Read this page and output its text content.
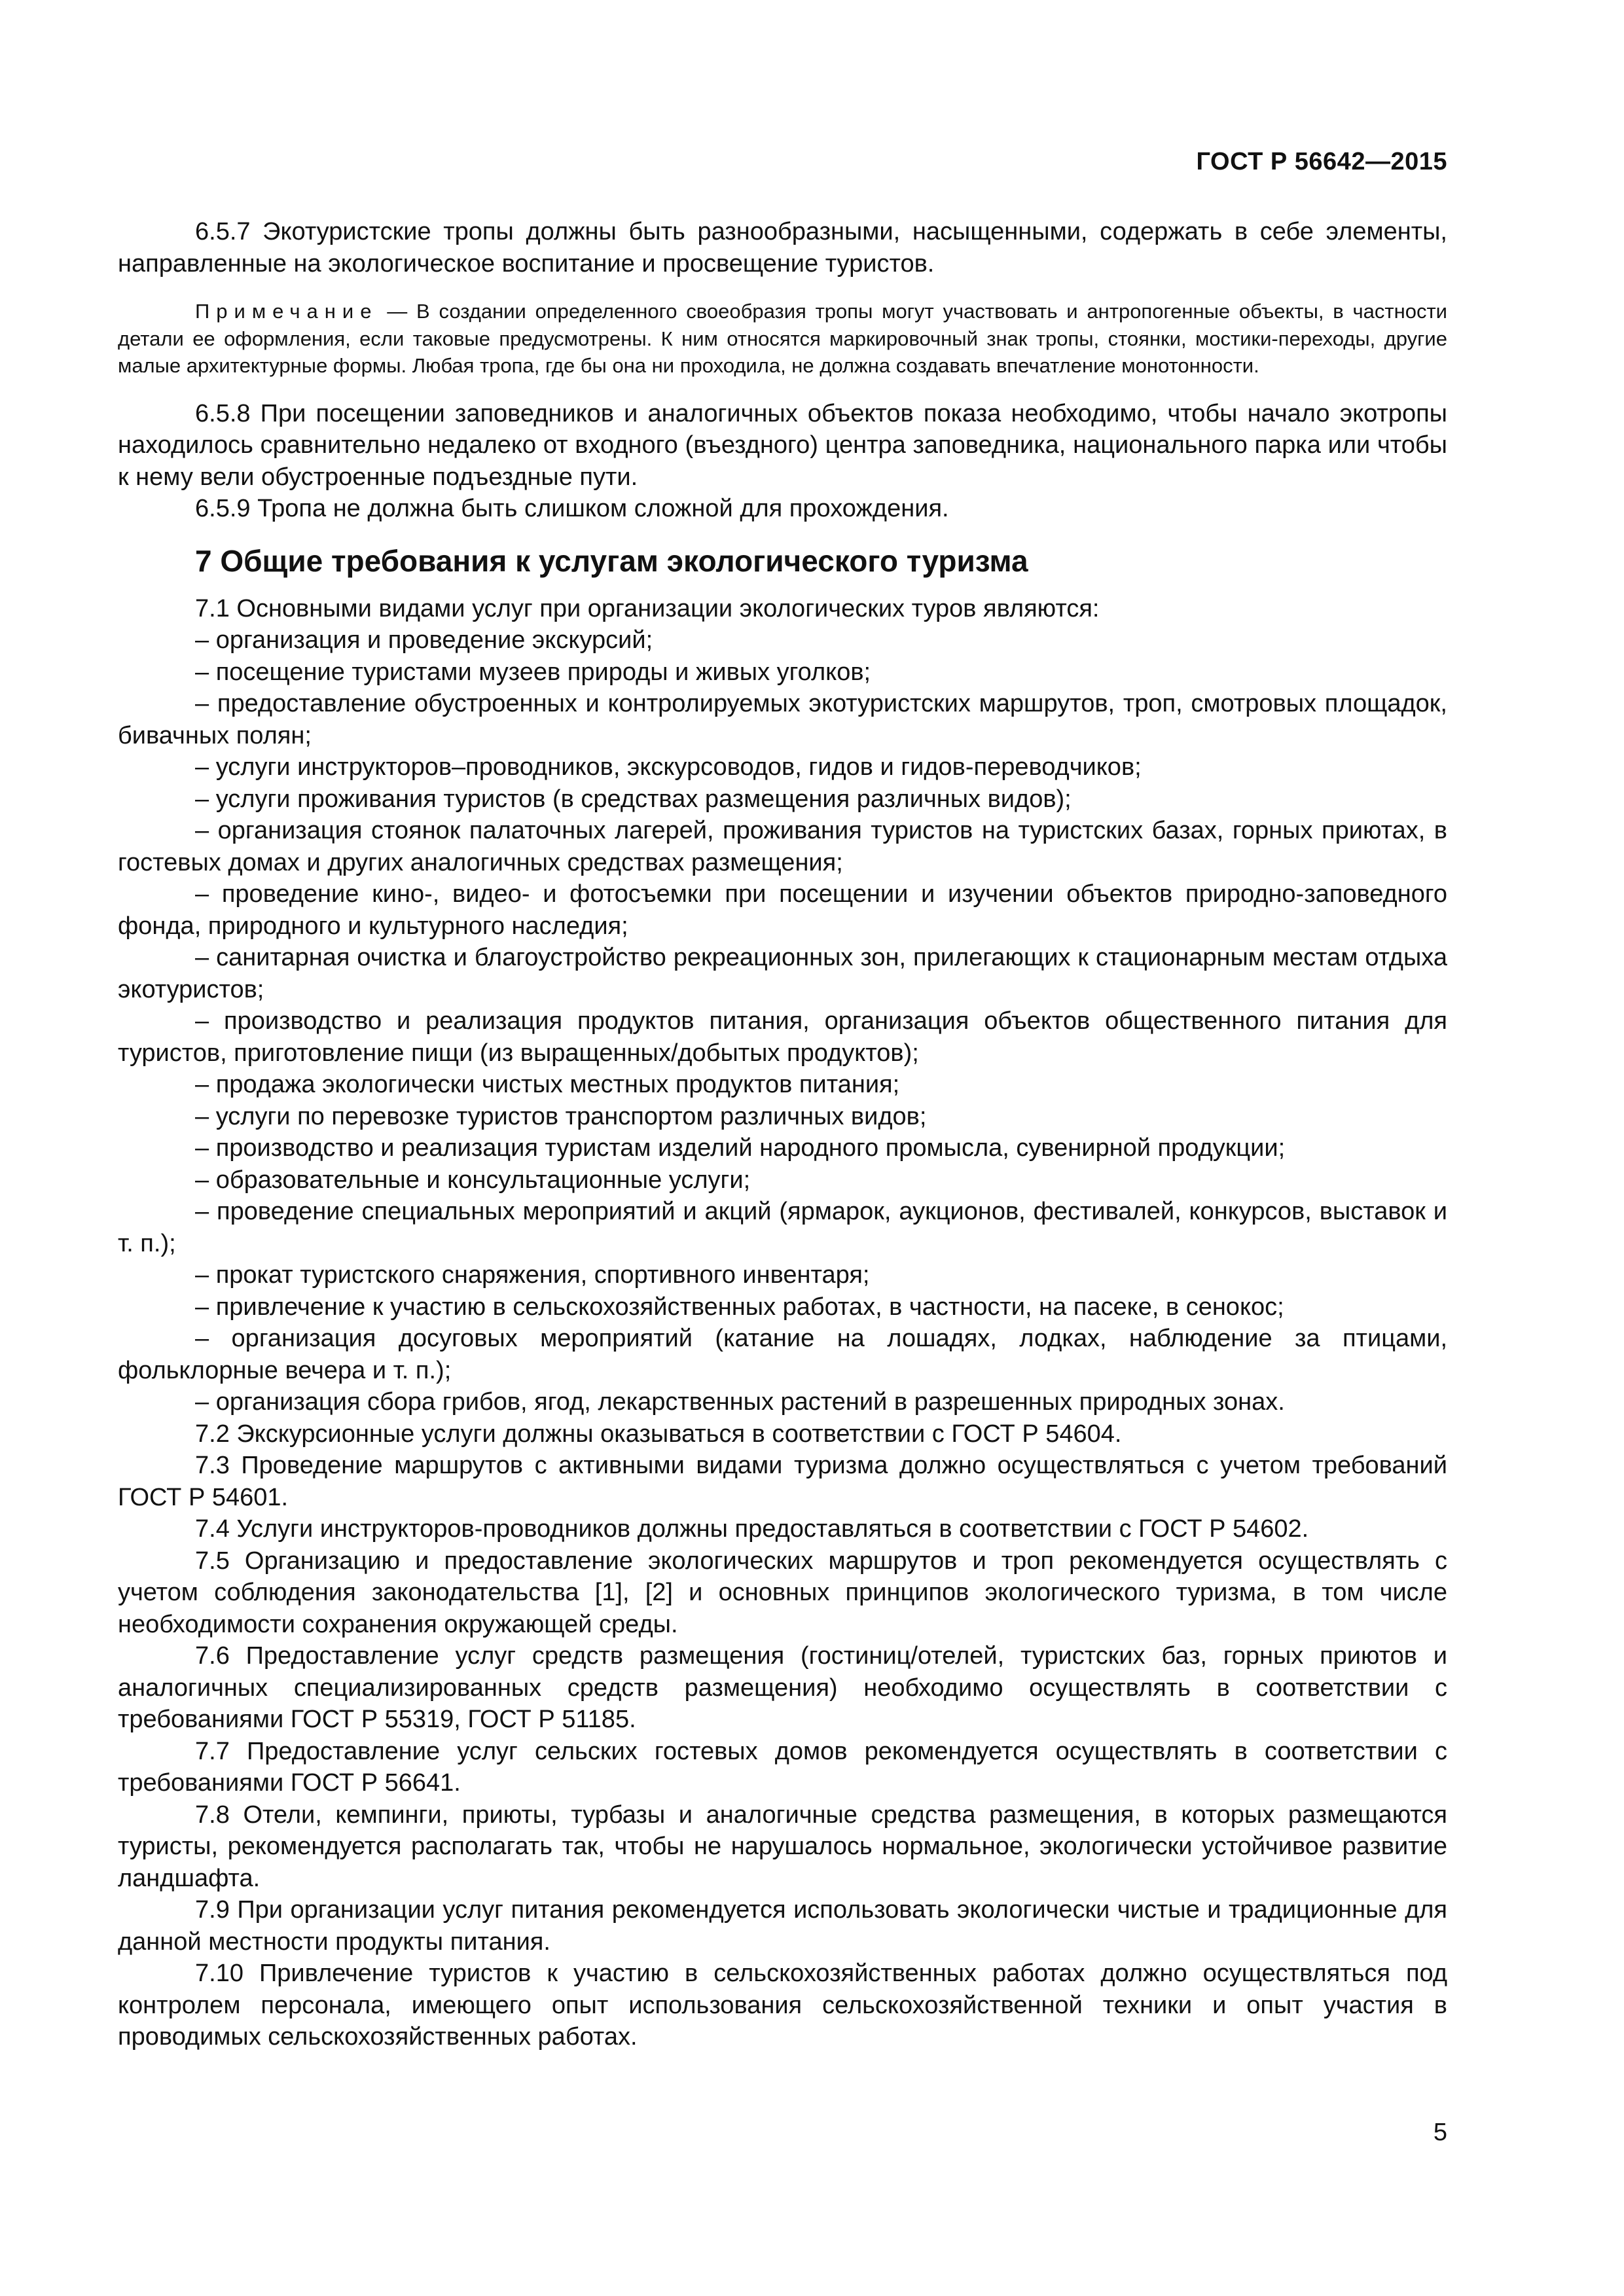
ГОСТ Р 56642—2015

6.5.7 Экотуристские тропы должны быть разнообразными, насыщенными, содержать в себе элементы, направленные на экологическое воспитание и просвещение туристов.

Примечание — В создании определенного своеобразия тропы могут участвовать и антропогенные объекты, в частности детали ее оформления, если таковые предусмотрены. К ним относятся маркировочный знак тропы, стоянки, мостики-переходы, другие малые архитектурные формы. Любая тропа, где бы она ни проходила, не должна создавать впечатление монотонности.

6.5.8 При посещении заповедников и аналогичных объектов показа необходимо, чтобы начало экотропы находилось сравнительно недалеко от входного (въездного) центра заповедника, национального парка или чтобы к нему вели обустроенные подъездные пути.

6.5.9 Тропа не должна быть слишком сложной для прохождения.

7 Общие требования к услугам экологического туризма

7.1 Основными видами услуг при организации экологических туров являются:

– организация и проведение экскурсий;

– посещение туристами музеев природы и живых уголков;

– предоставление обустроенных и контролируемых экотуристских маршрутов, троп, смотровых площадок, бивачных полян;

– услуги инструкторов–проводников, экскурсоводов, гидов и гидов-переводчиков;

– услуги проживания туристов (в средствах размещения различных видов);

– организация стоянок палаточных лагерей, проживания туристов на туристских базах, горных приютах, в гостевых домах и других аналогичных средствах размещения;

– проведение кино-, видео- и фотосъемки при посещении и изучении объектов природно-заповедного фонда, природного и культурного наследия;

– санитарная очистка и благоустройство рекреационных зон, прилегающих к стационарным местам отдыха экотуристов;

– производство и реализация продуктов питания, организация объектов общественного питания для туристов, приготовление пищи (из выращенных/добытых продуктов);

– продажа экологически чистых местных продуктов питания;

– услуги по перевозке туристов транспортом различных видов;

– производство и реализация туристам изделий народного промысла, сувенирной продукции;

– образовательные и консультационные услуги;

– проведение специальных мероприятий и акций (ярмарок, аукционов, фестивалей, конкурсов, выставок и т. п.);

– прокат туристского снаряжения, спортивного инвентаря;

– привлечение к участию в сельскохозяйственных работах, в частности, на пасеке, в сенокос;

– организация досуговых мероприятий (катание на лошадях, лодках, наблюдение за птицами, фольклорные вечера и т. п.);

– организация сбора грибов, ягод, лекарственных растений в разрешенных природных зонах.

7.2 Экскурсионные услуги должны оказываться в соответствии с ГОСТ Р 54604.

7.3 Проведение маршрутов с активными видами туризма должно осуществляться с учетом требований ГОСТ Р 54601.

7.4 Услуги инструкторов-проводников должны предоставляться в соответствии с ГОСТ Р 54602.

7.5 Организацию и предоставление экологических маршрутов и троп рекомендуется осуществлять с учетом соблюдения законодательства [1], [2] и основных принципов экологического туризма, в том числе необходимости сохранения окружающей среды.

7.6 Предоставление услуг средств размещения (гостиниц/отелей, туристских баз, горных приютов и аналогичных специализированных средств размещения) необходимо осуществлять в соответствии с требованиями ГОСТ Р 55319, ГОСТ Р 51185.

7.7 Предоставление услуг сельских гостевых домов рекомендуется осуществлять в соответствии с требованиями ГОСТ Р 56641.

7.8 Отели, кемпинги, приюты, турбазы и аналогичные средства размещения, в которых размещаются туристы, рекомендуется располагать так, чтобы не нарушалось нормальное, экологически устойчивое развитие ландшафта.

7.9 При организации услуг питания рекомендуется использовать экологически чистые и традиционные для данной местности продукты питания.

7.10 Привлечение туристов к участию в сельскохозяйственных работах должно осуществляться под контролем персонала, имеющего опыт использования сельскохозяйственной техники и опыт участия в проводимых сельскохозяйственных работах.

5
